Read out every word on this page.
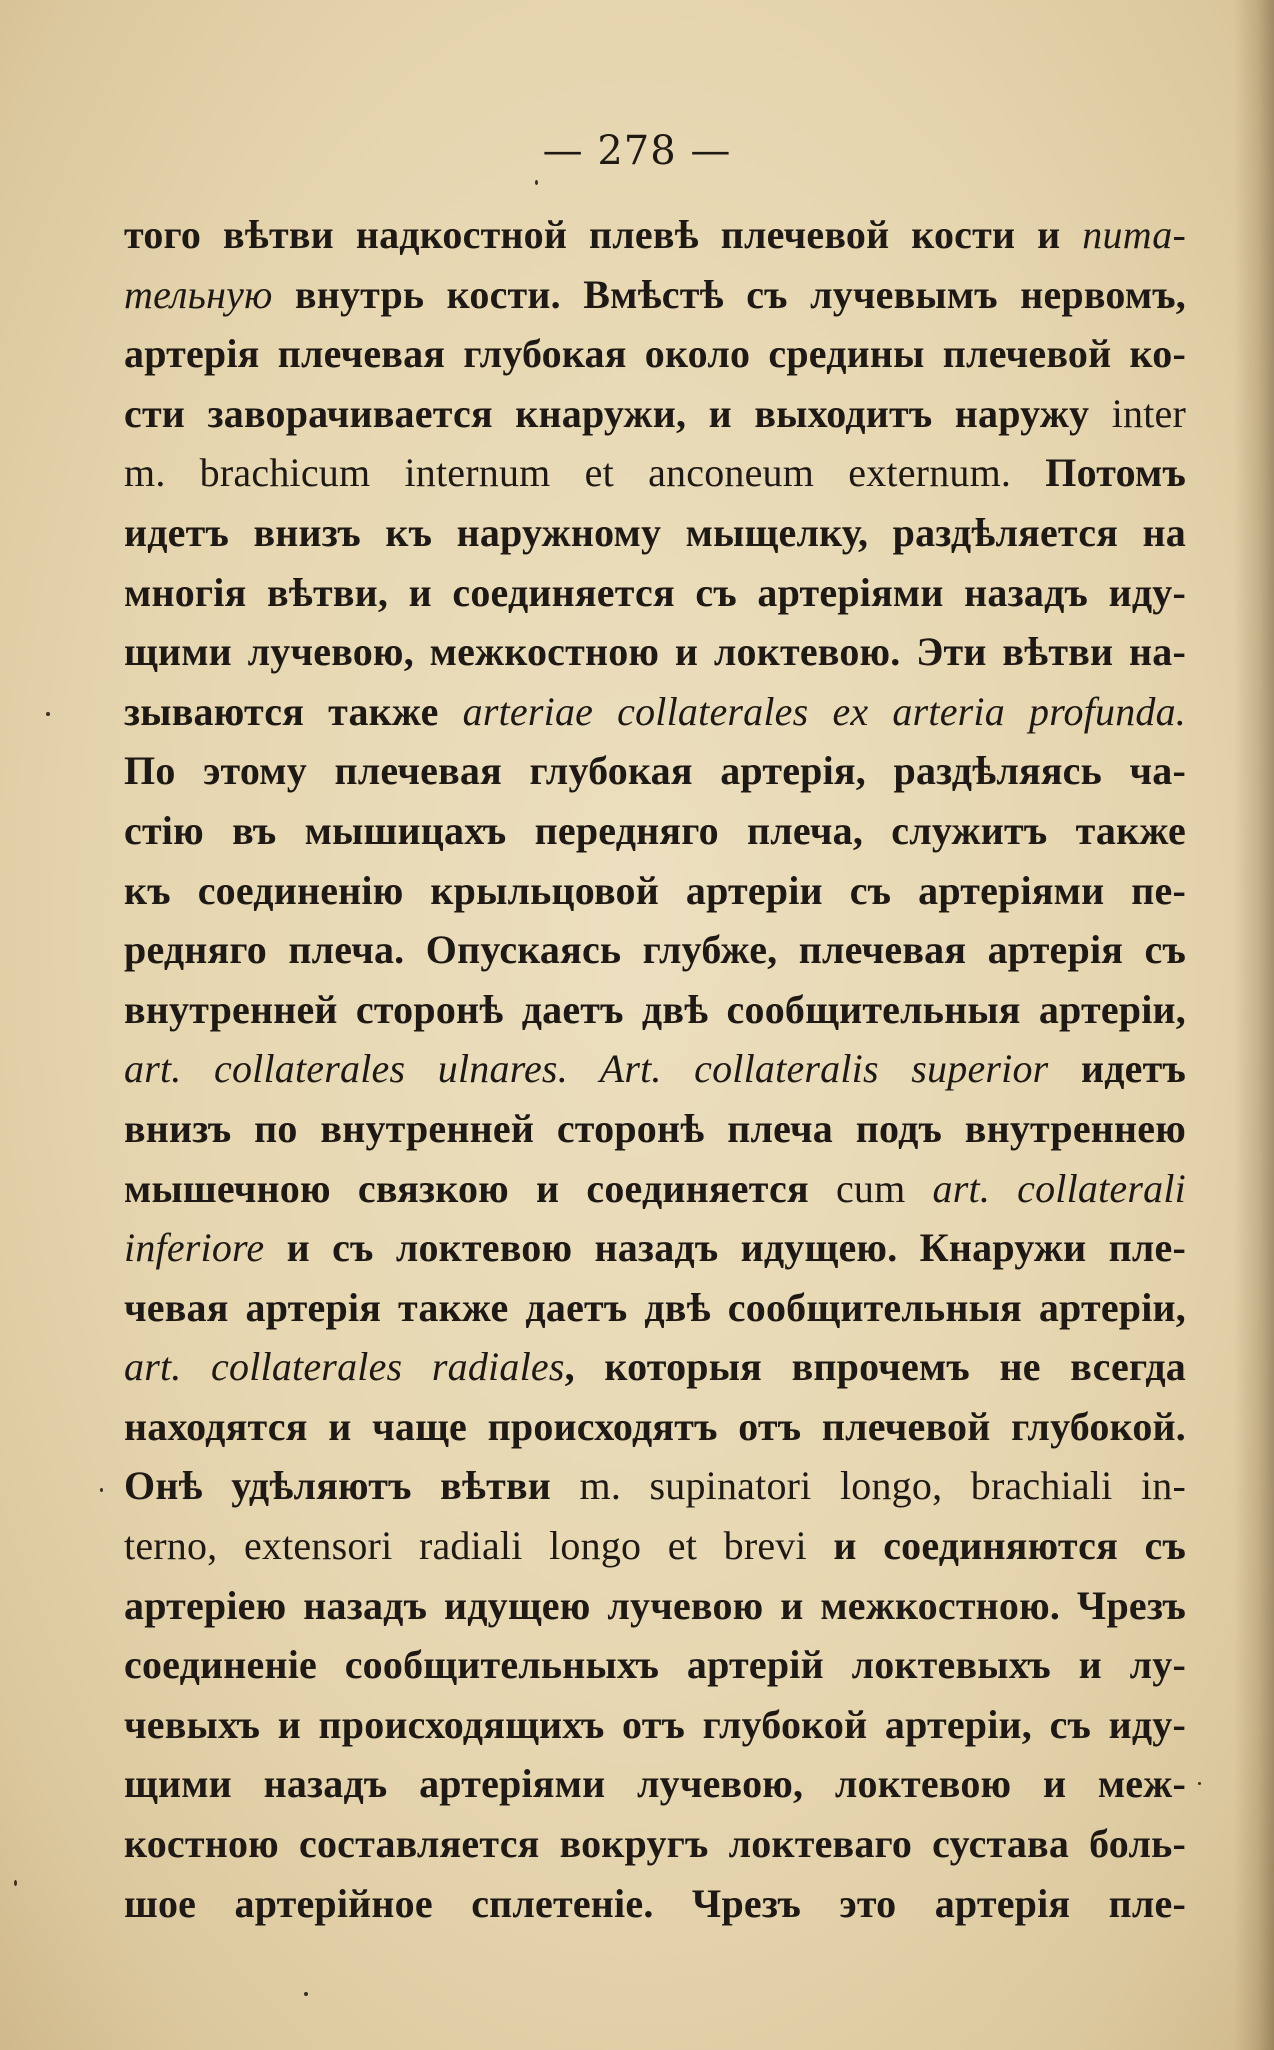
— 278 —
того вѣтви надкостной плевѣ плечевой кости и пита-
тельную внутрь кости. Вмѣстѣ съ лучевымъ нервомъ,
артерія плечевая глубокая около средины плечевой ко-
сти заворачивается кнаружи, и выходитъ наружу inter
m. brachicum internum et anconeum externum. Потомъ
идетъ внизъ къ наружному мыщелку, раздѣляется на
многія вѣтви, и соединяется съ артеріями назадъ иду-
щими лучевою, межкостною и локтевою. Эти вѣтви на-
зываются также arteriae collaterales ex arteria profunda.
По этому плечевая глубокая артерія, раздѣляясь ча-
стію въ мышицахъ передняго плеча, служитъ также
къ соединенію крыльцовой артеріи съ артеріями пе-
редняго плеча. Опускаясь глубже, плечевая артерія съ
внутренней сторонѣ даетъ двѣ сообщительныя артеріи,
art. collaterales ulnares. Art. collateralis superior идетъ
внизъ по внутренней сторонѣ плеча подъ внутреннею
мышечною связкою и соединяется cum art. collaterali
inferiore и съ локтевою назадъ идущею. Кнаружи пле-
чевая артерія также даетъ двѣ сообщительныя артеріи,
art. collaterales radiales, которыя впрочемъ не всегда
находятся и чаще происходятъ отъ плечевой глубокой.
Онѣ удѣляютъ вѣтви m. supinatori longo, brachiali in-
terno, extensori radiali longo et brevi и соединяются съ
артеріею назадъ идущею лучевою и межкостною. Чрезъ
соединеніе сообщительныхъ артерій локтевыхъ и лу-
чевыхъ и происходящихъ отъ глубокой артеріи, съ иду-
щими назадъ артеріями лучевою, локтевою и меж-
костною составляется вокругъ локтеваго сустава боль-
шое артерійное сплетеніе. Чрезъ это артерія пле-
